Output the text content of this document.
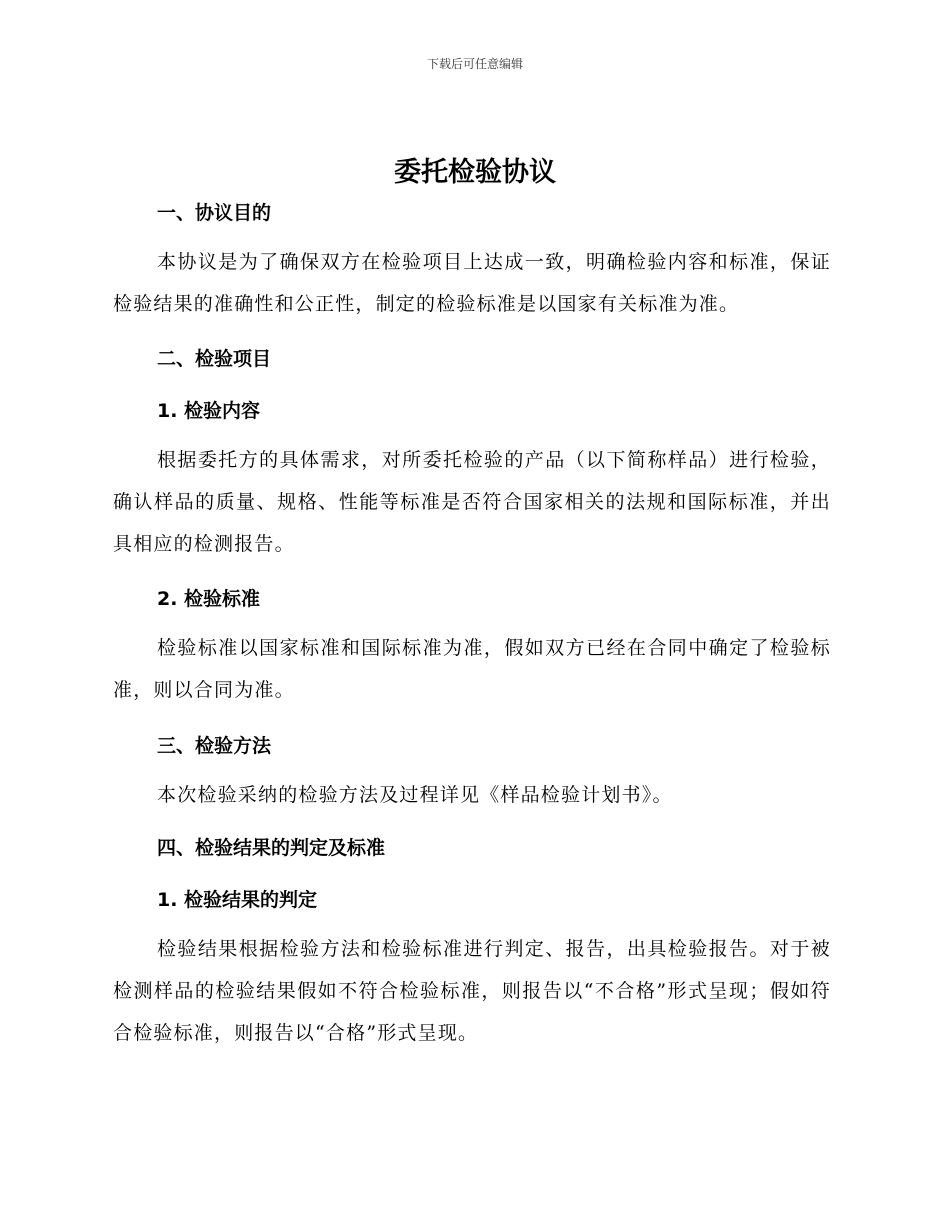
下载后可任意编辑
委托检验协议
一、协议目的
本协议是为了确保双方在检验项目上达成一致，明确检验内容和标准，保证检验结果的准确性和公正性，制定的检验标准是以国家有关标准为准。
二、检验项目
1. 检验内容
根据委托方的具体需求，对所委托检验的产品（以下简称样品）进行检验，确认样品的质量、规格、性能等标准是否符合国家相关的法规和国际标准，并出具相应的检测报告。
2. 检验标准
检验标准以国家标准和国际标准为准，假如双方已经在合同中确定了检验标准，则以合同为准。
三、检验方法
本次检验采纳的检验方法及过程详见《样品检验计划书》。
四、检验结果的判定及标准
1. 检验结果的判定
检验结果根据检验方法和检验标准进行判定、报告，出具检验报告。对于被检测样品的检验结果假如不符合检验标准，则报告以“不合格”形式呈现；假如符合检验标准，则报告以“合格”形式呈现。
